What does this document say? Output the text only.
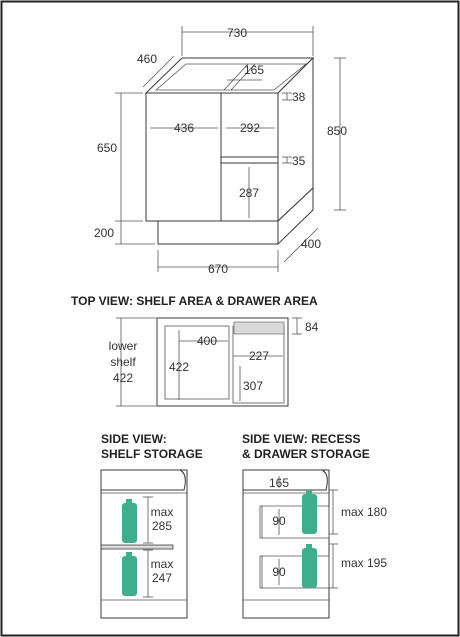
730
460
165
38
850
650
436	292
35
287
200
400
670
TOP VIEW: SHELF AREA & DRAWER AREA
lower
shelf
422
84
400
422
227
307
SIDE VIEW:
SHELF STORAGE
max
285
max
247
SIDE VIEW: RECESS
& DRAWER STORAGE
165
90
90
max 180
max 195
